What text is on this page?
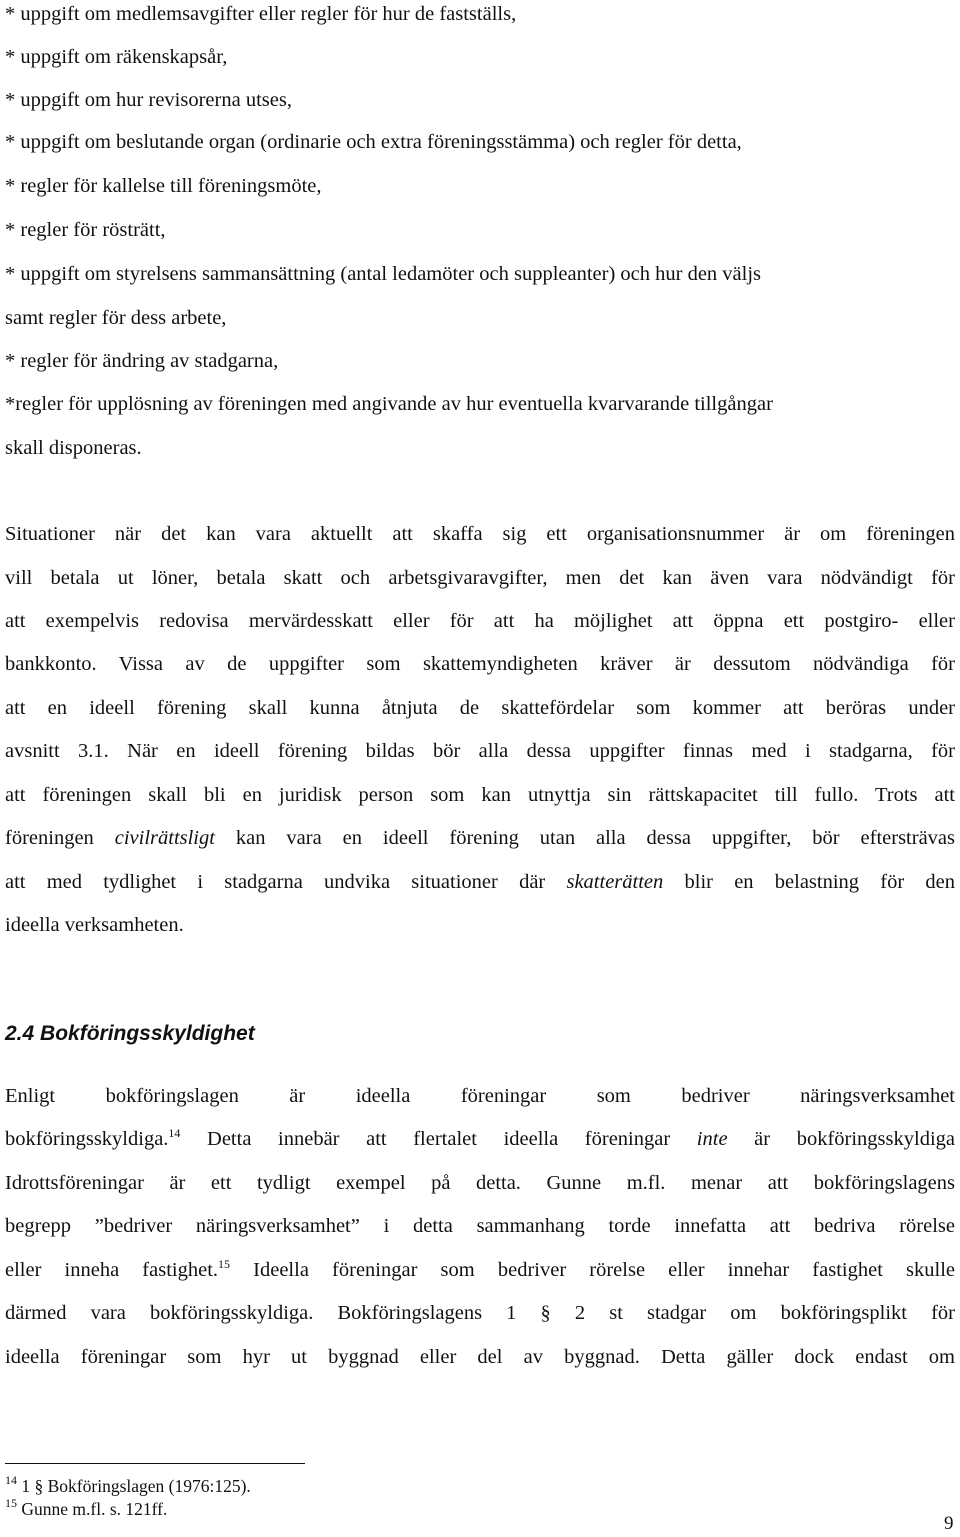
* uppgift om medlemsavgifter eller regler för hur de fastställs,
* uppgift om räkenskapsår,
* uppgift om hur revisorerna utses,
* uppgift om beslutande organ (ordinarie och extra föreningsstämma) och regler för detta,
* regler för kallelse till föreningsmöte,
* regler för rösträtt,
* uppgift om styrelsens sammansättning (antal ledamöter och suppleanter) och hur den väljs
samt regler för dess arbete,
* regler för ändring av stadgarna,
*regler för upplösning av föreningen med angivande av hur eventuella kvarvarande tillgångar
skall disponeras.
Situationer när det kan vara aktuellt att skaffa sig ett organisationsnummer är om föreningen
vill betala ut löner, betala skatt och arbetsgivaravgifter, men det kan även vara nödvändigt för
att exempelvis redovisa mervärdesskatt eller för att ha möjlighet att öppna ett postgiro- eller
bankkonto. Vissa av de uppgifter som skattemyndigheten kräver är dessutom nödvändiga för
att en ideell förening skall kunna åtnjuta de skattefördelar som kommer att beröras under
avsnitt 3.1. När en ideell förening bildas bör alla dessa uppgifter finnas med i stadgarna, för
att föreningen skall bli en juridisk person som kan utnyttja sin rättskapacitet till fullo. Trots att
föreningen civilrättsligt kan vara en ideell förening utan alla dessa uppgifter, bör eftersträvas
att med tydlighet i stadgarna undvika situationer där skatterätten blir en belastning för den
ideella verksamheten.
2.4 Bokföringsskyldighet
Enligt bokföringslagen är ideella föreningar som bedriver näringsverksamhet
bokföringsskyldiga.$^{14}$ Detta innebär att flertalet ideella föreningar inte är bokföringsskyldiga
Idrottsföreningar är ett tydligt exempel på detta. Gunne m.fl. menar att bokföringslagens
begrepp ”bedriver näringsverksamhet” i detta sammanhang torde innefatta att bedriva rörelse
eller inneha fastighet.$^{15}$ Ideella föreningar som bedriver rörelse eller innehar fastighet skulle
därmed vara bokföringsskyldiga. Bokföringslagens 1 § 2 st stadgar om bokföringsplikt för
ideella föreningar som hyr ut byggnad eller del av byggnad. Detta gäller dock endast om
$^{14}$ 1 § Bokföringslagen (1976:125).
$^{15}$ Gunne m.fl. s. 121ff.
9
